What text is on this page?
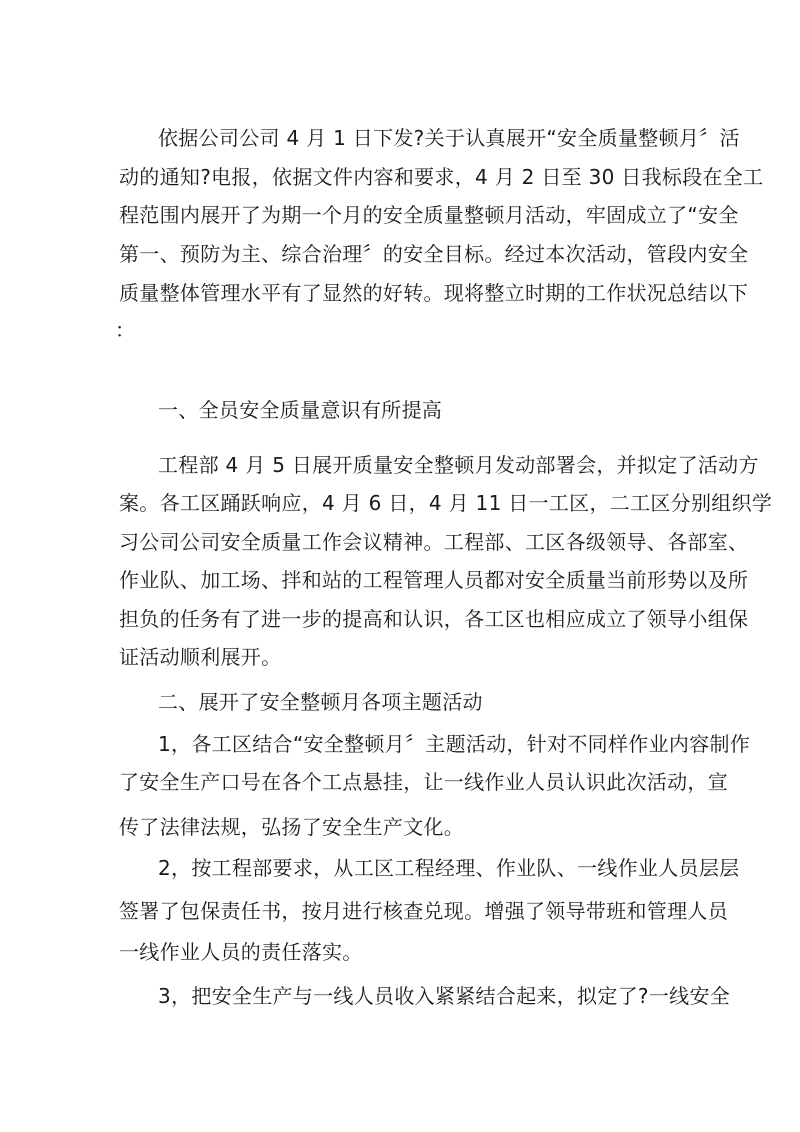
依据公司公司 4 月 1 日下发?关于认真展开“安全质量整顿月〞活
动的通知?电报，依据文件内容和要求，4 月 2 日至 30 日我标段在全工
程范围内展开了为期一个月的安全质量整顿月活动，牢固成立了“安全
第一、预防为主、综合治理〞的安全目标。经过本次活动，管段内安全
质量整体管理水平有了显然的好转。现将整立时期的工作状况总结以下
：
一、全员安全质量意识有所提高
工程部 4 月 5 日展开质量安全整顿月发动部署会，并拟定了活动方
案。各工区踊跃响应，4 月 6 日，4 月 11 日一工区，二工区分别组织学
习公司公司安全质量工作会议精神。工程部、工区各级领导、各部室、
作业队、加工场、拌和站的工程管理人员都对安全质量当前形势以及所
担负的任务有了进一步的提高和认识，各工区也相应成立了领导小组保
证活动顺利展开。
二、展开了安全整顿月各项主题活动
1，各工区结合“安全整顿月〞主题活动，针对不同样作业内容制作
了安全生产口号在各个工点悬挂，让一线作业人员认识此次活动，宣
传了法律法规，弘扬了安全生产文化。
2，按工程部要求，从工区工程经理、作业队、一线作业人员层层
签署了包保责任书，按月进行核查兑现。增强了领导带班和管理人员
一线作业人员的责任落实。
3，把安全生产与一线人员收入紧紧结合起来，拟定了?一线安全
